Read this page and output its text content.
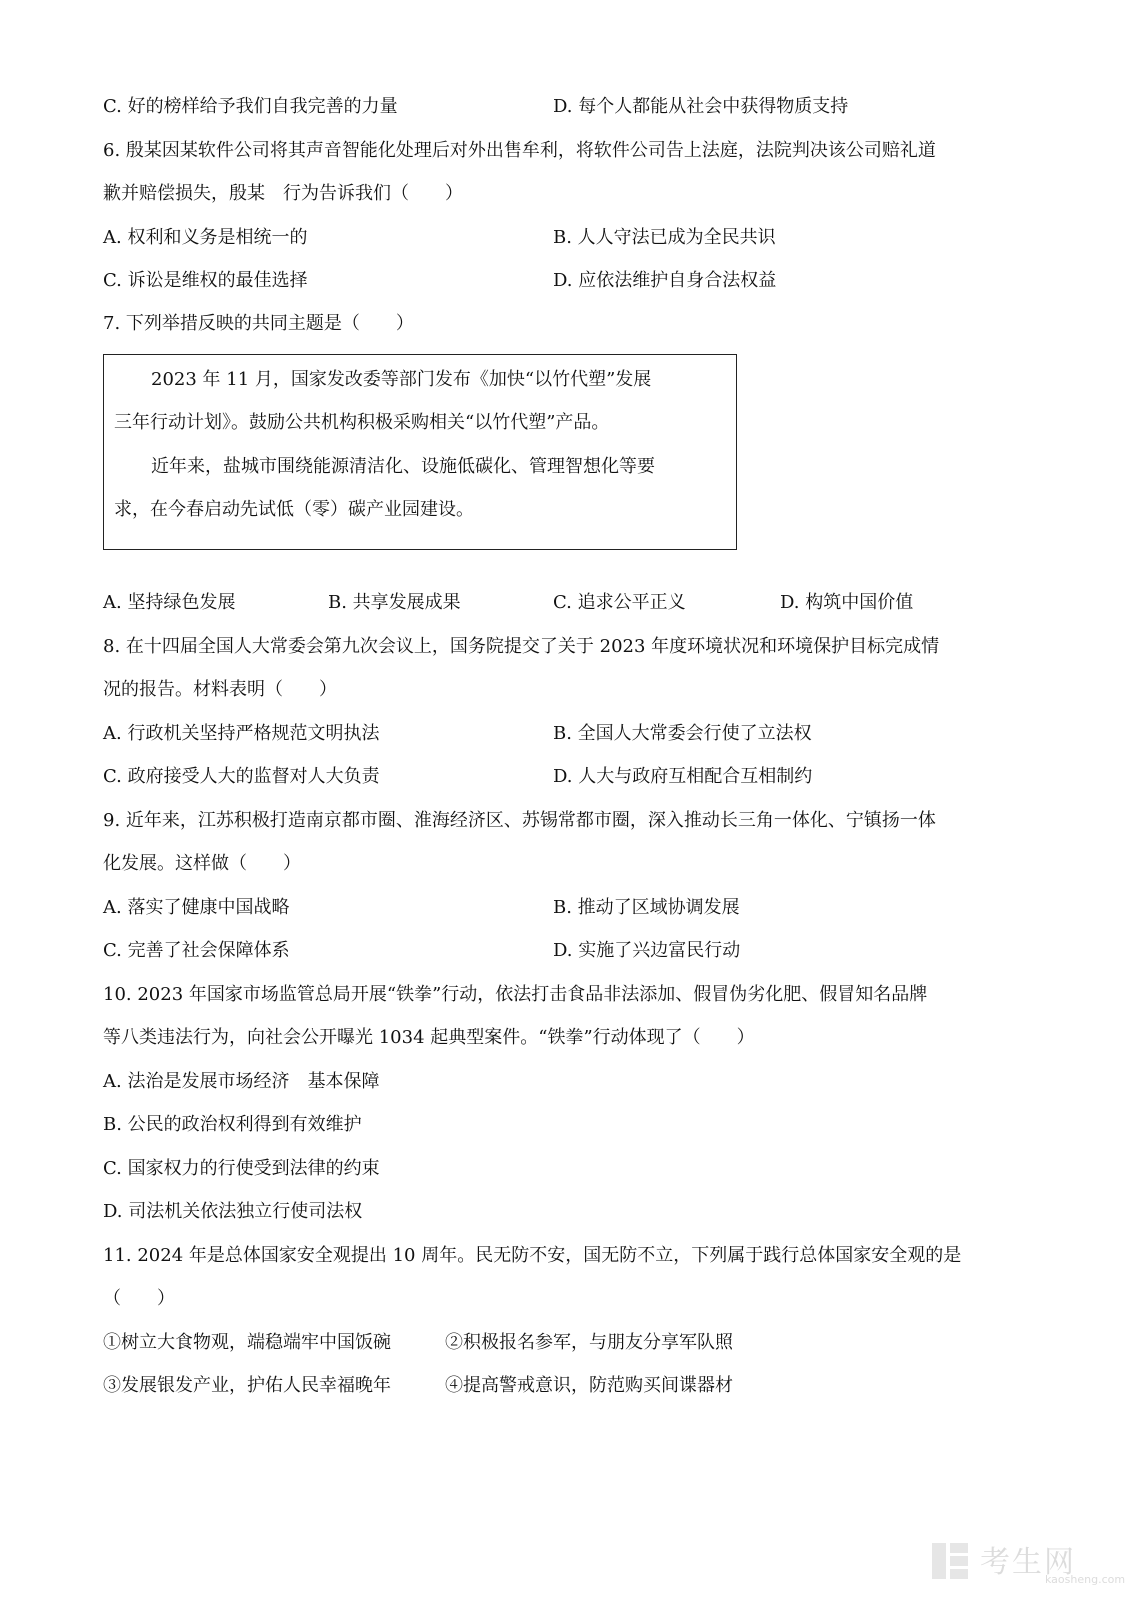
C. 好的榜样给予我们自我完善的力量	D. 每个人都能从社会中获得物质支持
6. 殷某因某软件公司将其声音智能化处理后对外出售牟利，将软件公司告上法庭，法院判决该公司赔礼道
歉并赔偿损失，殷某　行为告诉我们（　　）
A. 权利和义务是相统一的	B. 人人守法已成为全民共识
C. 诉讼是维权的最佳选择	D. 应依法维护自身合法权益
7. 下列举措反映的共同主题是（　　）
2023 年 11 月，国家发改委等部门发布《加快“以竹代塑”发展
三年行动计划》。鼓励公共机构积极采购相关“以竹代塑”产品。
近年来，盐城市围绕能源清洁化、设施低碳化、管理智想化等要
求，在今春启动先试低（零）碳产业园建设。
A. 坚持绿色发展	B. 共享发展成果	C. 追求公平正义	D. 构筑中国价值
8. 在十四届全国人大常委会第九次会议上，国务院提交了关于 2023 年度环境状况和环境保护目标完成情
况的报告。材料表明（　　）
A. 行政机关坚持严格规范文明执法	B. 全国人大常委会行使了立法权
C. 政府接受人大的监督对人大负责	D. 人大与政府互相配合互相制约
9. 近年来，江苏积极打造南京都市圈、淮海经济区、苏锡常都市圈，深入推动长三角一体化、宁镇扬一体
化发展。这样做（　　）
A. 落实了健康中国战略	B. 推动了区域协调发展
C. 完善了社会保障体系	D. 实施了兴边富民行动
10. 2023 年国家市场监管总局开展“铁拳”行动，依法打击食品非法添加、假冒伪劣化肥、假冒知名品牌
等八类违法行为，向社会公开曝光 1034 起典型案件。“铁拳”行动体现了（　　）
A. 法治是发展市场经济　基本保障
B. 公民的政治权利得到有效维护
C. 国家权力的行使受到法律的约束
D. 司法机关依法独立行使司法权
11. 2024 年是总体国家安全观提出 10 周年。民无防不安，国无防不立，下列属于践行总体国家安全观的是
（　　）
①树立大食物观，端稳端牢中国饭碗	②积极报名参军，与朋友分享军队照
③发展银发产业，护佑人民幸福晚年	④提高警戒意识，防范购买间谍器材
考生网
kaosheng.com
